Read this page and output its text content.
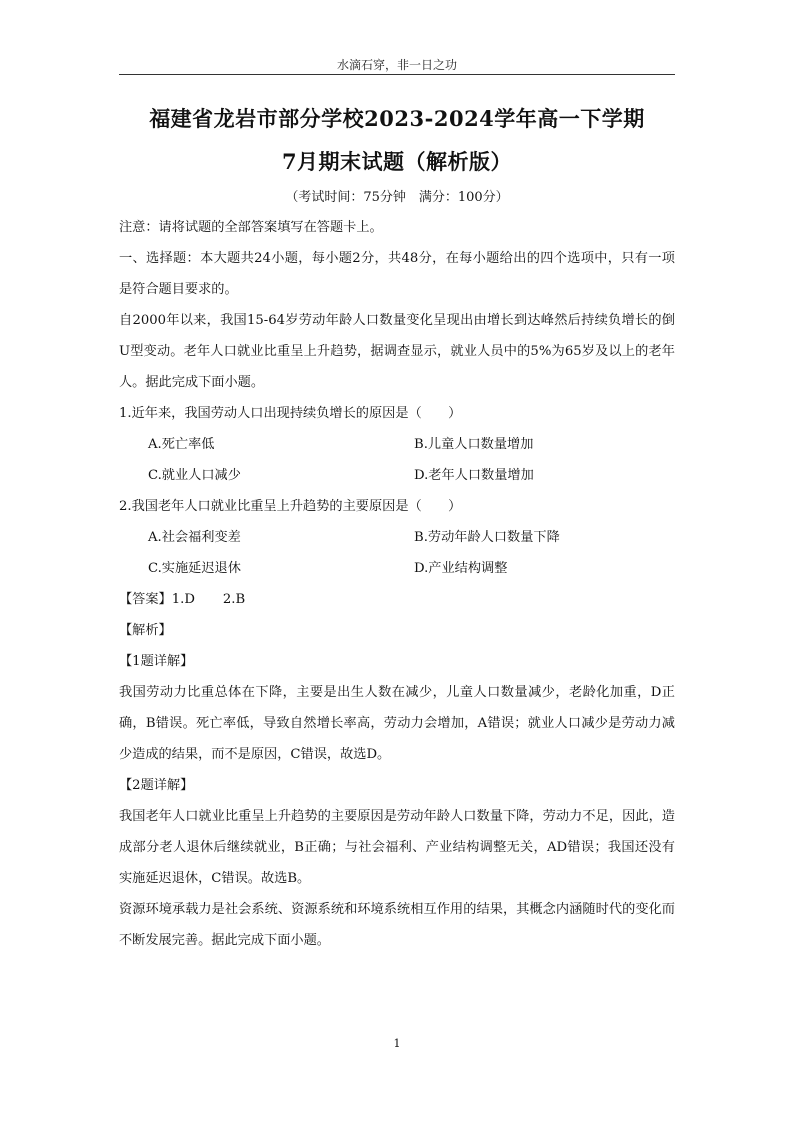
水滴石穿，非一日之功
福建省龙岩市部分学校2023-2024学年高一下学期
7月期末试题（解析版）
（考试时间：75分钟　满分：100分）

注意：请将试题的全部答案填写在答题卡上。

一、选择题：本大题共24小题，每小题2分，共48分，在每小题给出的四个选项中，只有一项是符合题目要求的。

自2000年以来，我国15-64岁劳动年龄人口数量变化呈现出由增长到达峰然后持续负增长的倒U型变动。老年人口就业比重呈上升趋势，据调查显示，就业人员中的5%为65岁及以上的老年人。据此完成下面小题。

1.近年来，我国劳动人口出现持续负增长的原因是（　　）

A.死亡率低	B.儿童人口数量增加
C.就业人口减少	D.老年人口数量增加

2.我国老年人口就业比重呈上升趋势的主要原因是（　　）

A.社会福利变差	B.劳动年龄人口数量下降
C.实施延迟退休	D.产业结构调整

【答案】1.D 2.B

【解析】

【1题详解】

我国劳动力比重总体在下降，主要是出生人数在减少，儿童人口数量减少，老龄化加重，D正确，B错误。死亡率低，导致自然增长率高，劳动力会增加，A错误；就业人口减少是劳动力减少造成的结果，而不是原因，C错误，故选D。

【2题详解】

我国老年人口就业比重呈上升趋势的主要原因是劳动年龄人口数量下降，劳动力不足，因此，造成部分老人退休后继续就业，B正确；与社会福利、产业结构调整无关，AD错误；我国还没有实施延迟退休，C错误。故选B。

资源环境承载力是社会系统、资源系统和环境系统相互作用的结果，其概念内涵随时代的变化而不断发展完善。据此完成下面小题。

1
